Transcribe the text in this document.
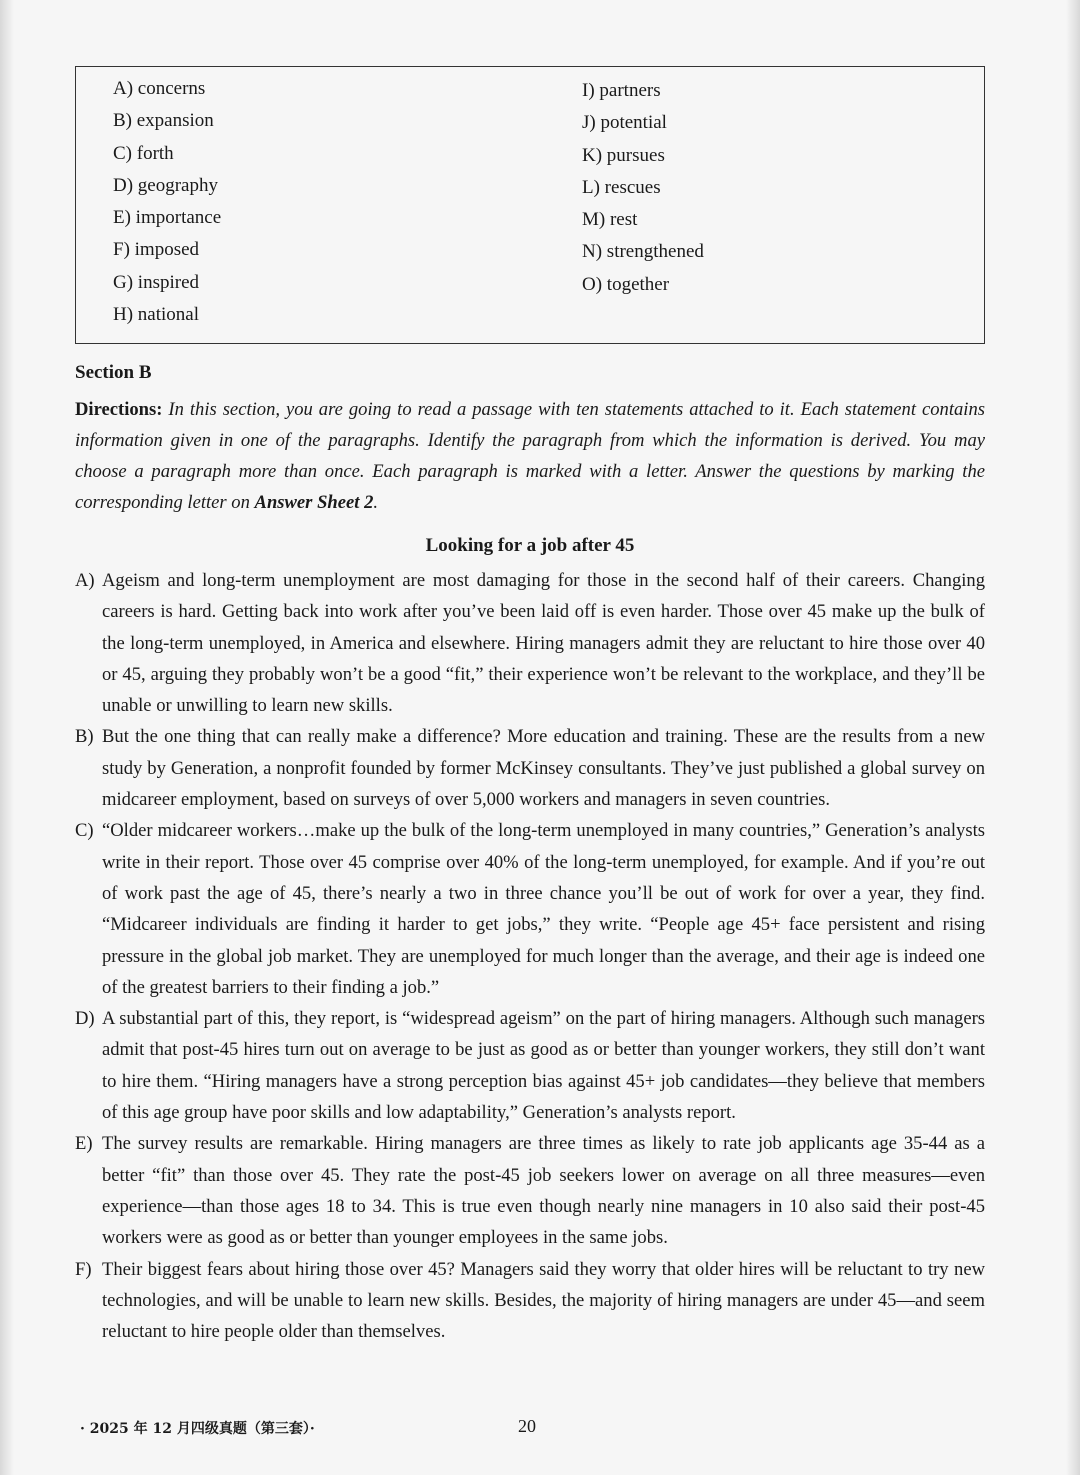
A) concerns
B) expansion
C) forth
D) geography
E) importance
F) imposed
G) inspired
H) national
I) partners
J) potential
K) pursues
L) rescues
M) rest
N) strengthened
O) together
Section B
Directions: In this section, you are going to read a passage with ten statements attached to it. Each statement contains information given in one of the paragraphs. Identify the paragraph from which the information is derived. You may choose a paragraph more than once. Each paragraph is marked with a letter. Answer the questions by marking the corresponding letter on Answer Sheet 2.
Looking for a job after 45

A) Ageism and long-term unemployment are most damaging for those in the second half of their careers. Changing careers is hard. Getting back into work after you’ve been laid off is even harder. Those over 45 make up the bulk of the long-term unemployed, in America and elsewhere. Hiring managers admit they are reluctant to hire those over 40 or 45, arguing they probably won’t be a good “fit,” their experience won’t be relevant to the workplace, and they’ll be unable or unwilling to learn new skills.

B) But the one thing that can really make a difference? More education and training. These are the results from a new study by Generation, a nonprofit founded by former McKinsey consultants. They’ve just published a global survey on midcareer employment, based on surveys of over 5,000 workers and managers in seven countries.

C) “Older midcareer workers…make up the bulk of the long-term unemployed in many countries,” Generation’s analysts write in their report. Those over 45 comprise over 40% of the long-term unemployed, for example. And if you’re out of work past the age of 45, there’s nearly a two in three chance you’ll be out of work for over a year, they find. “Midcareer individuals are finding it harder to get jobs,” they write. “People age 45+ face persistent and rising pressure in the global job market. They are unemployed for much longer than the average, and their age is indeed one of the greatest barriers to their finding a job.”

D) A substantial part of this, they report, is “widespread ageism” on the part of hiring managers. Although such managers admit that post-45 hires turn out on average to be just as good as or better than younger workers, they still don’t want to hire them. “Hiring managers have a strong perception bias against 45+ job candidates—they believe that members of this age group have poor skills and low adaptability,” Generation’s analysts report.

E) The survey results are remarkable. Hiring managers are three times as likely to rate job applicants age 35-44 as a better “fit” than those over 45. They rate the post-45 job seekers lower on average on all three measures—even experience—than those ages 18 to 34. This is true even though nearly nine managers in 10 also said their post-45 workers were as good as or better than younger employees in the same jobs.

F) Their biggest fears about hiring those over 45? Managers said they worry that older hires will be reluctant to try new technologies, and will be unable to learn new skills. Besides, the majority of hiring managers are under 45—and seem reluctant to hire people older than themselves.

· 2025 年 12 月四级真题（第三套）·	20
